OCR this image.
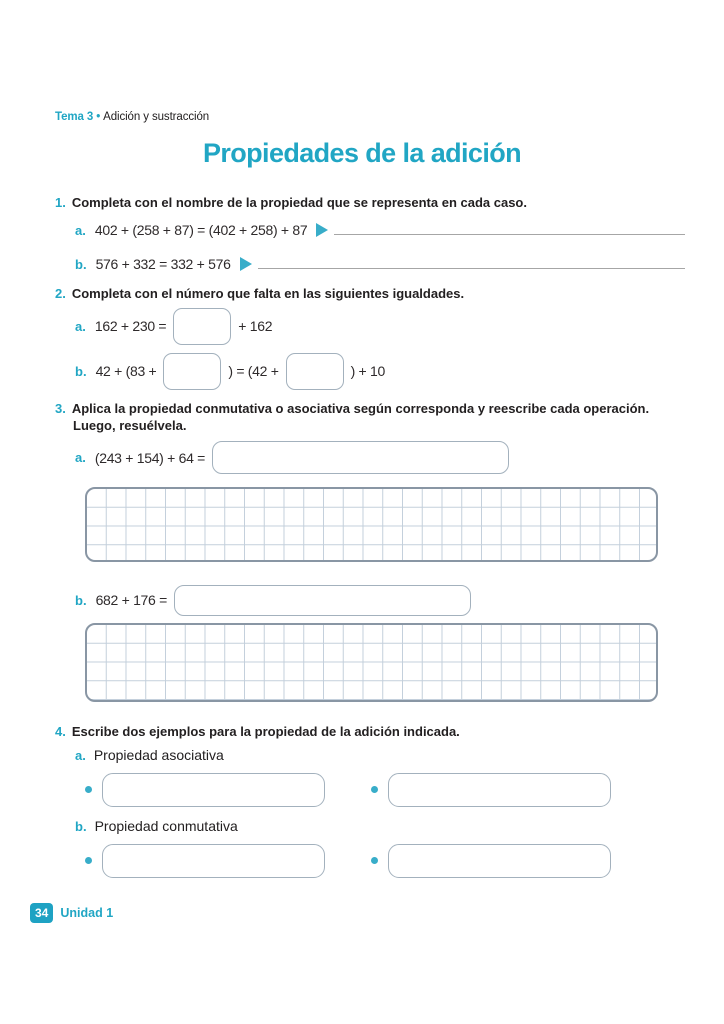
Tema 3 • Adición y sustracción
Propiedades de la adición
1. Completa con el nombre de la propiedad que se representa en cada caso.
a. 402 + (258 + 87) = (402 + 258) + 87
b. 576 + 332 = 332 + 576
2. Completa con el número que falta en las siguientes igualdades.
a. 162 + 230 =	+ 162
b. 42 + (83 +	) = (42 +	) + 10
3. Aplica la propiedad conmutativa o asociativa según corresponda y reescribe cada operación.
Luego, resuélvela.
a. (243 + 154) + 64 =
b. 682 + 176 =
4. Escribe dos ejemplos para la propiedad de la adición indicada.
a. Propiedad asociativa
b. Propiedad conmutativa
34 Unidad 1
